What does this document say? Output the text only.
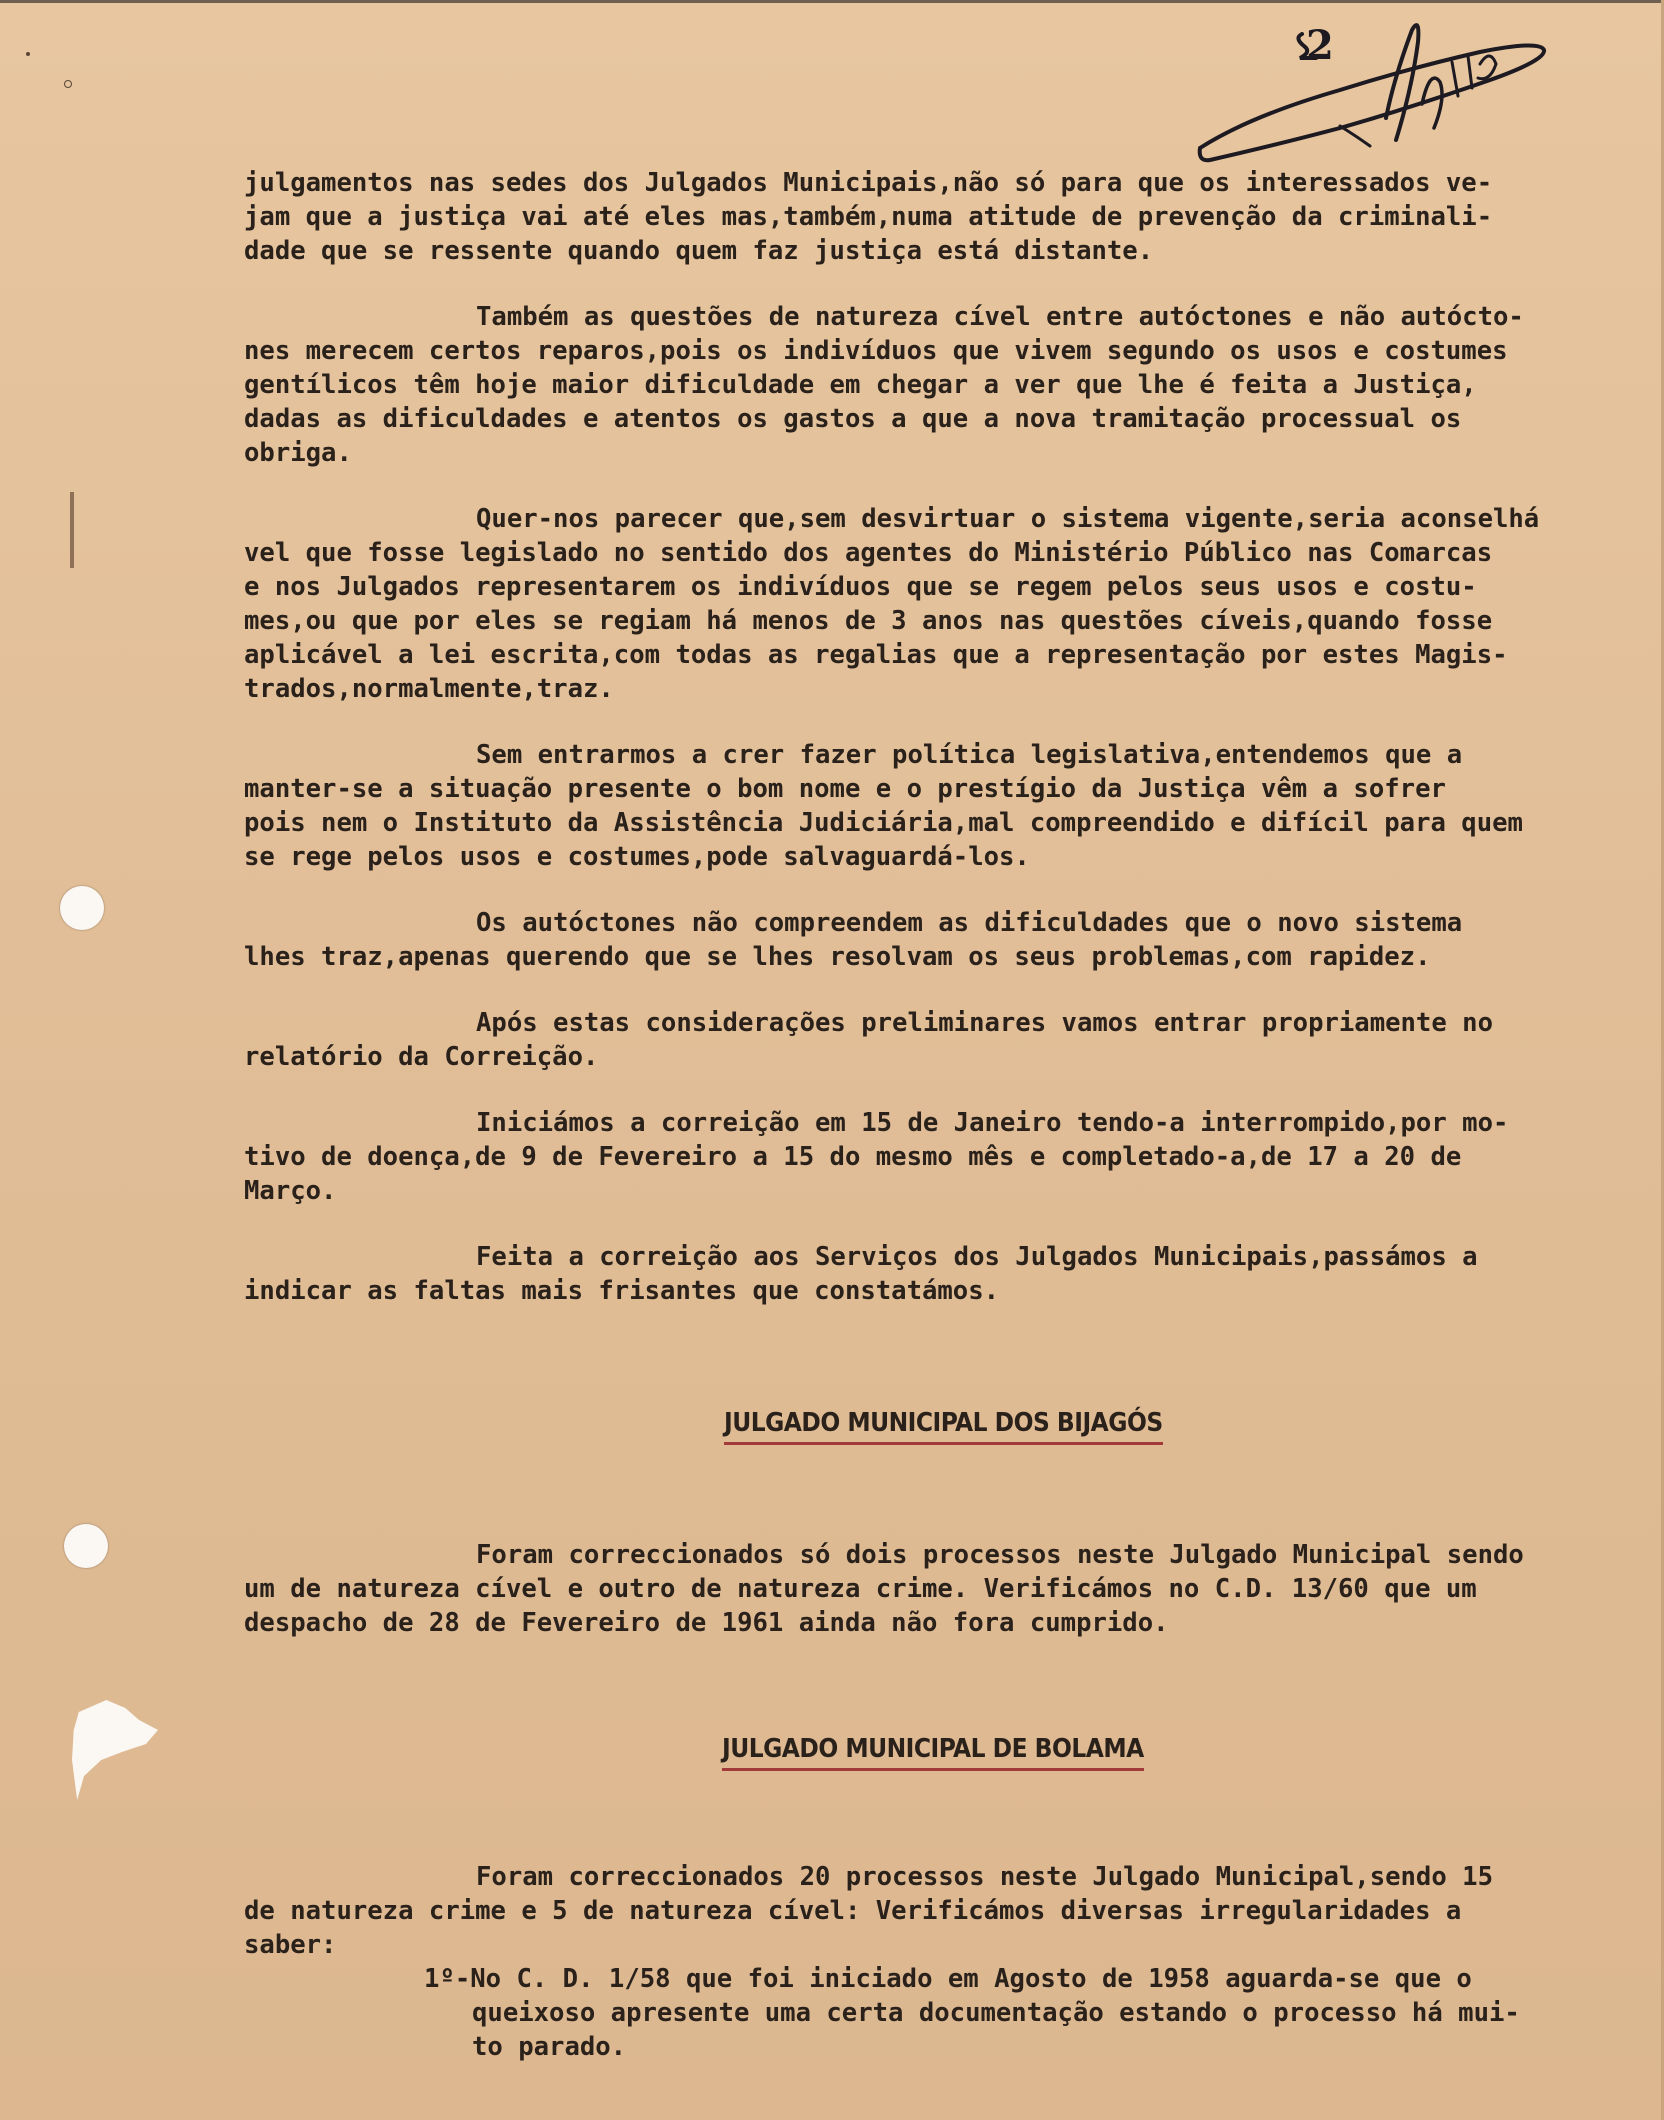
julgamentos nas sedes dos Julgados Municipais,não só para que os interessados ve-
jam que a justiça vai até eles mas,também,numa atitude de prevenção da criminali-
dade que se ressente quando quem faz justiça está distante.
Também as questões de natureza cível entre autóctones e não autócto-
nes merecem certos reparos,pois os indivíduos que vivem segundo os usos e costumes
gentílicos têm hoje maior dificuldade em chegar a ver que lhe é feita a Justiça,
dadas as dificuldades e atentos os gastos a que a nova tramitação processual os
obriga.
Quer-nos parecer que,sem desvirtuar o sistema vigente,seria aconselhá
vel que fosse legislado no sentido dos agentes do Ministério Público nas Comarcas
e nos Julgados representarem os indivíduos que se regem pelos seus usos e costu-
mes,ou que por eles se regiam há menos de 3 anos nas questões cíveis,quando fosse
aplicável a lei escrita,com todas as regalias que a representação por estes Magis-
trados,normalmente,traz.
Sem entrarmos a crer fazer política legislativa,entendemos que a
manter-se a situação presente o bom nome e o prestígio da Justiça vêm a sofrer
pois nem o Instituto da Assistência Judiciária,mal compreendido e difícil para quem
se rege pelos usos e costumes,pode salvaguardá-los.
Os autóctones não compreendem as dificuldades que o novo sistema
lhes traz,apenas querendo que se lhes resolvam os seus problemas,com rapidez.
Após estas considerações preliminares vamos entrar propriamente no
relatório da Correição.
Iniciámos a correição em 15 de Janeiro tendo-a interrompido,por mo-
tivo de doença,de 9 de Fevereiro a 15 do mesmo mês e completado-a,de 17 a 20 de
Março.
Feita a correição aos Serviços dos Julgados Municipais,passámos a
indicar as faltas mais frisantes que constatámos.
JULGADO MUNICIPAL DOS BIJAGÓS
Foram correccionados só dois processos neste Julgado Municipal sendo
um de natureza cível e outro de natureza crime. Verificámos no C.D. 13/60 que um
despacho de 28 de Fevereiro de 1961 ainda não fora cumprido.
JULGADO MUNICIPAL DE BOLAMA
Foram correccionados 20 processos neste Julgado Municipal,sendo 15
de natureza crime e 5 de natureza cível: Verificámos diversas irregularidades a
saber:
1º-No C. D. 1/58 que foi iniciado em Agosto de 1958 aguarda-se que o
queixoso apresente uma certa documentação estando o processo há mui-
to parado.
2
